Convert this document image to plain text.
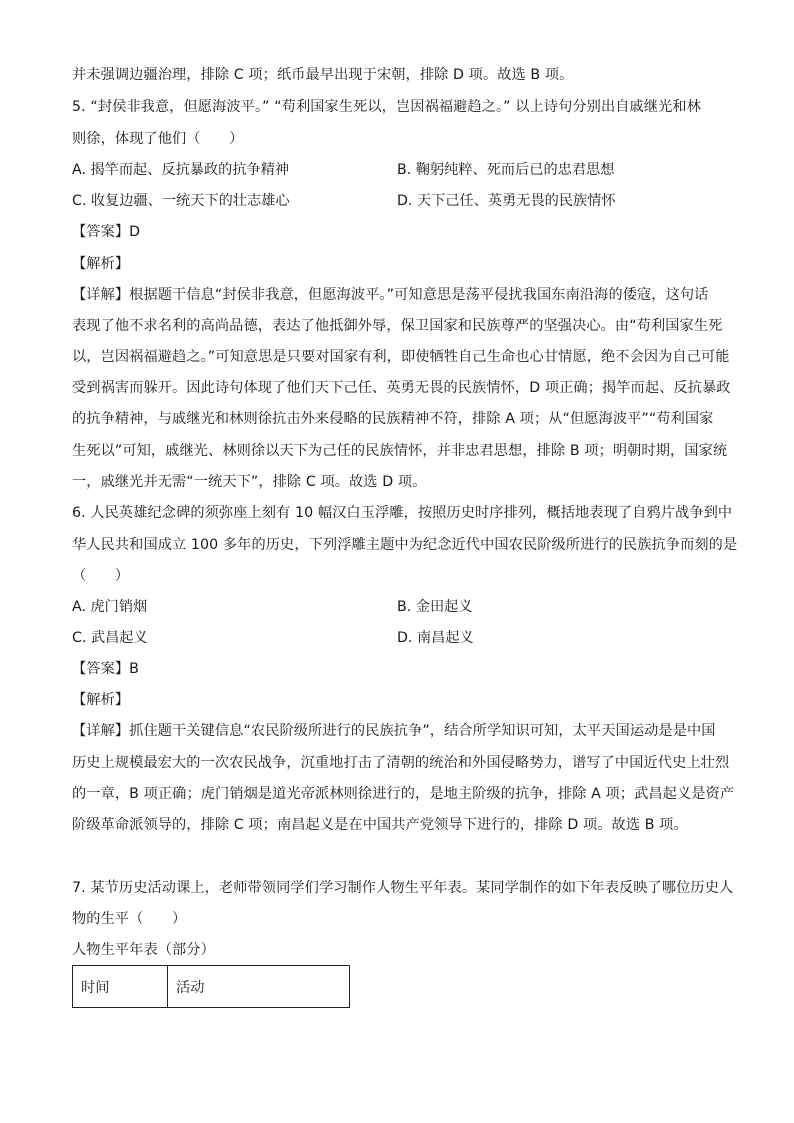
并未强调边疆治理，排除 C 项；纸币最早出现于宋朝，排除 D 项。故选 B 项。
5. “封侯非我意，但愿海波平。” “苟利国家生死以，岂因祸福避趋之。” 以上诗句分别出自戚继光和林
则徐，体现了他们（　　）
A. 揭竿而起、反抗暴政的抗争精神	B. 鞠躬纯粹、死而后已的忠君思想
C. 收复边疆、一统天下的壮志雄心	D. 天下己任、英勇无畏的民族情怀
【答案】D
【解析】
【详解】根据题干信息“封侯非我意，但愿海波平。”可知意思是荡平侵扰我国东南沿海的倭寇，这句话
表现了他不求名利的高尚品德，表达了他抵御外辱，保卫国家和民族尊严的坚强决心。由“苟利国家生死
以，岂因祸福避趋之。”可知意思是只要对国家有利，即使牺牲自己生命也心甘情愿，绝不会因为自己可能
受到祸害而躲开。因此诗句体现了他们天下己任、英勇无畏的民族情怀，D 项正确；揭竿而起、反抗暴政
的抗争精神，与戚继光和林则徐抗击外来侵略的民族精神不符，排除 A 项；从“但愿海波平”“苟利国家
生死以”可知，戚继光、林则徐以天下为己任的民族情怀，并非忠君思想，排除 B 项；明朝时期，国家统
一，戚继光并无需“一统天下”，排除 C 项。故选 D 项。
6. 人民英雄纪念碑的须弥座上刻有 10 幅汉白玉浮雕，按照历史时序排列，概括地表现了自鸦片战争到中
华人民共和国成立 100 多年的历史，下列浮雕主题中为纪念近代中国农民阶级所进行的民族抗争而刻的是
（　　）
A. 虎门销烟	B. 金田起义
C. 武昌起义	D. 南昌起义
【答案】B
【解析】
【详解】抓住题干关键信息“农民阶级所进行的民族抗争”，结合所学知识可知，太平天国运动是是中国
历史上规模最宏大的一次农民战争，沉重地打击了清朝的统治和外国侵略势力，谱写了中国近代史上壮烈
的一章，B 项正确；虎门销烟是道光帝派林则徐进行的，是地主阶级的抗争，排除 A 项；武昌起义是资产
阶级革命派领导的，排除 C 项；南昌起义是在中国共产党领导下进行的，排除 D 项。故选 B 项。
7. 某节历史活动课上，老师带领同学们学习制作人物生平年表。某同学制作的如下年表反映了哪位历史人
物的生平（　　）
人物生平年表（部分）
时间	活动
